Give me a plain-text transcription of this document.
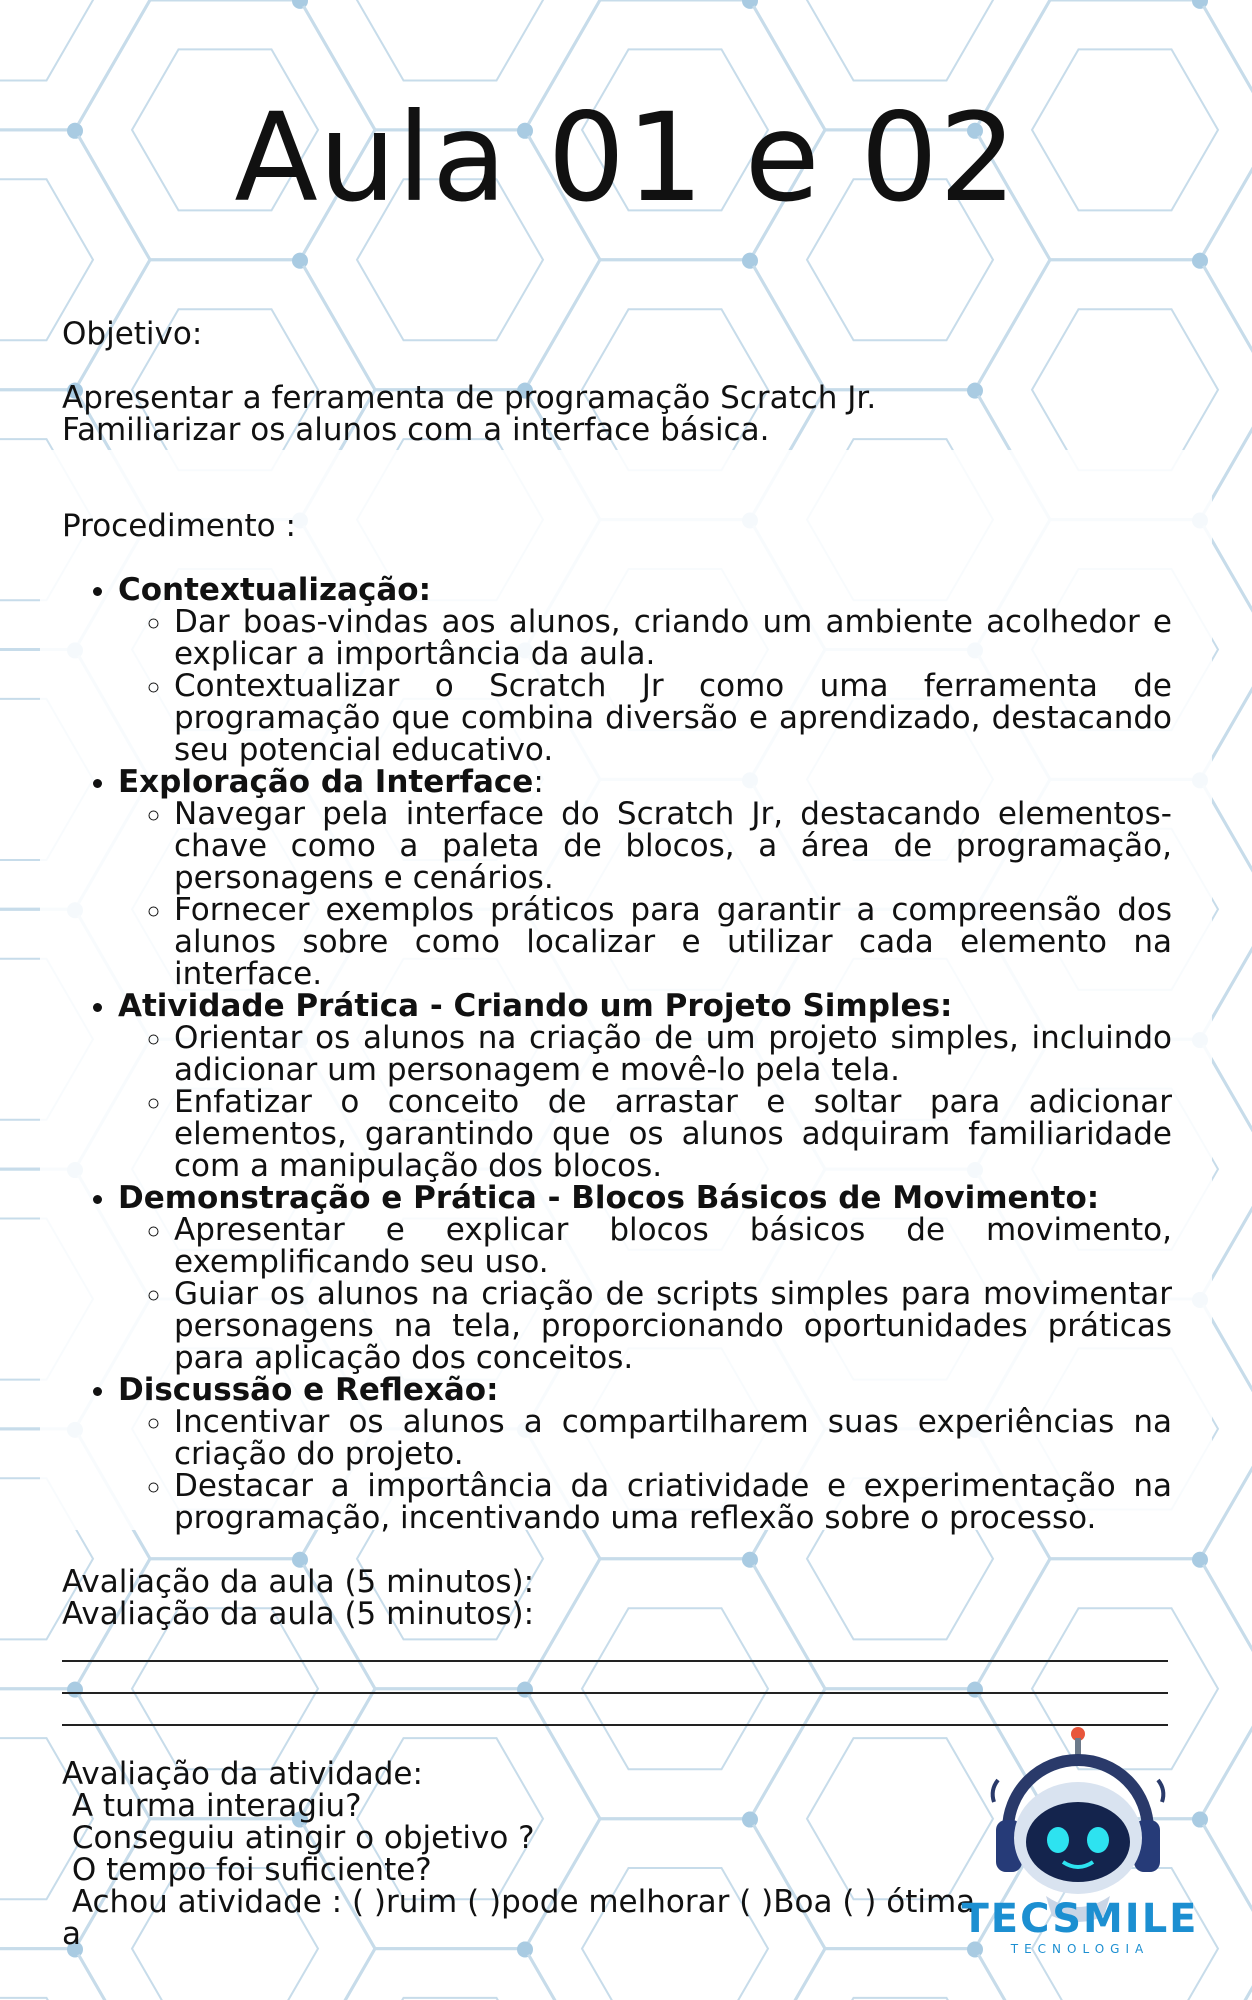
Aula 01 e 02

Objetivo:

Apresentar a ferramenta de programação Scratch Jr.

Familiarizar os alunos com a interface básica.

Procedimento :

• Contextualização:
◦ Dar boas-vindas aos alunos, criando um ambiente acolhedor e explicar a importância da aula.
◦ Contextualizar o Scratch Jr como uma ferramenta de programação que combina diversão e aprendizado, destacando seu potencial educativo.
• Exploração da Interface:
◦ Navegar pela interface do Scratch Jr, destacando elementos-chave como a paleta de blocos, a área de programação, personagens e cenários.
◦ Fornecer exemplos práticos para garantir a compreensão dos alunos sobre como localizar e utilizar cada elemento na interface.
• Atividade Prática - Criando um Projeto Simples:
◦ Orientar os alunos na criação de um projeto simples, incluindo adicionar um personagem e movê-lo pela tela.
◦ Enfatizar o conceito de arrastar e soltar para adicionar elementos, garantindo que os alunos adquiram familiaridade com a manipulação dos blocos.
• Demonstração e Prática - Blocos Básicos de Movimento:
◦ Apresentar e explicar blocos básicos de movimento, exemplificando seu uso.
◦ Guiar os alunos na criação de scripts simples para movimentar personagens na tela, proporcionando oportunidades práticas para aplicação dos conceitos.
• Discussão e Reflexão:
◦ Incentivar os alunos a compartilharem suas experiências na criação do projeto.
◦ Destacar a importância da criatividade e experimentação na programação, incentivando uma reflexão sobre o processo.

Avaliação da aula (5 minutos):

Avaliação da aula (5 minutos):

Avaliação da atividade:

A turma interagiu?

Conseguiu atingir o objetivo ?

O tempo foi suficiente?

Achou atividade : ( )ruim ( )pode melhorar ( )Boa ( ) ótima

a	TECSMILE
TECNOLOGIA
